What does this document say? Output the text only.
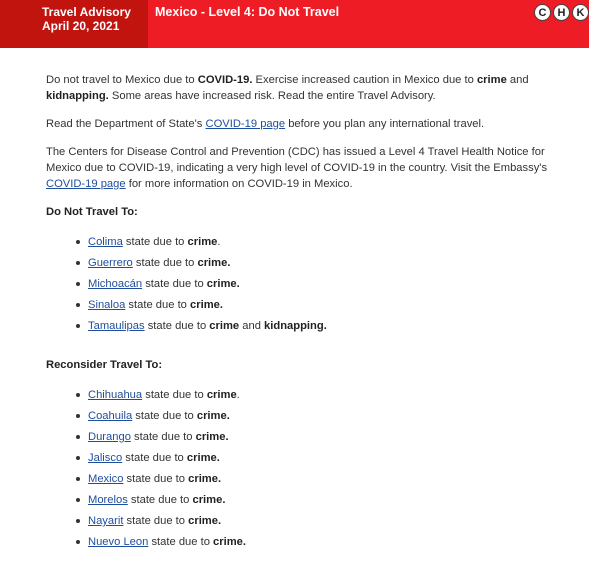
Travel Advisory
April 20, 2021
Mexico - Level 4: Do Not Travel	C	H	K

Do not travel to Mexico due to COVID-19. Exercise increased caution in Mexico due to crime and kidnapping. Some areas have increased risk. Read the entire Travel Advisory.

Read the Department of State's COVID-19 page before you plan any international travel.

The Centers for Disease Control and Prevention (CDC) has issued a Level 4 Travel Health Notice for Mexico due to COVID-19, indicating a very high level of COVID-19 in the country. Visit the Embassy's COVID-19 page for more information on COVID-19 in Mexico.

Do Not Travel To:
Colima state due to crime.
Guerrero state due to crime.
Michoacán state due to crime.
Sinaloa state due to crime.
Tamaulipas state due to crime and kidnapping.
Reconsider Travel To:
Chihuahua state due to crime.
Coahuila state due to crime.
Durango state due to crime.
Jalisco state due to crime.
Mexico state due to crime.
Morelos state due to crime.
Nayarit state due to crime.
Nuevo Leon state due to crime.
